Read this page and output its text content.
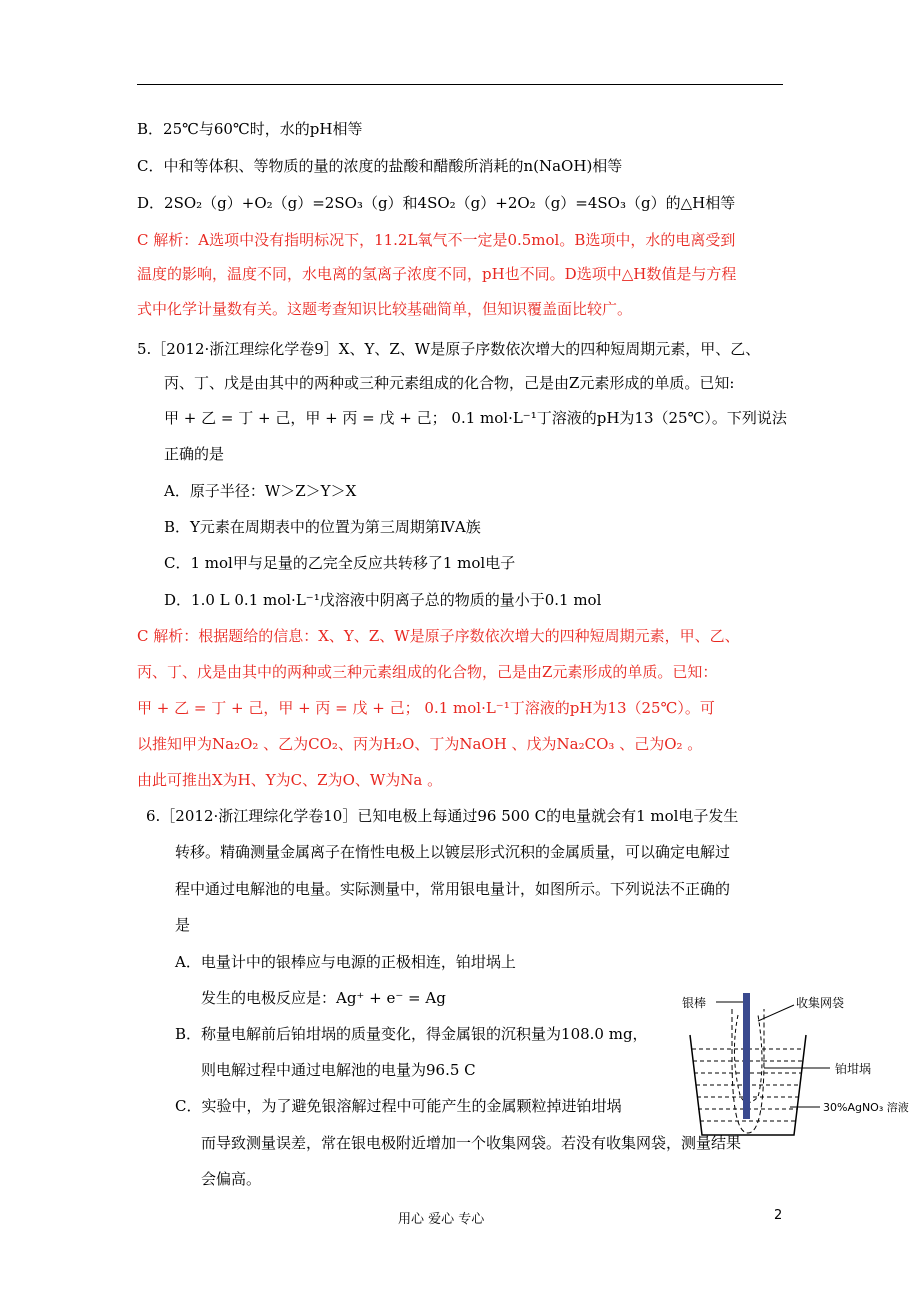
B．25℃与60℃时，水的pH相等
C．中和等体积、等物质的量的浓度的盐酸和醋酸所消耗的n(NaOH)相等
D．2SO₂（g）+O₂（g）=2SO₃（g）和4SO₂（g）+2O₂（g）=4SO₃（g）的△H相等
C 解析：A选项中没有指明标况下，11.2L氧气不一定是0.5mol。B选项中，水的电离受到
温度的影响，温度不同，水电离的氢离子浓度不同，pH也不同。D选项中△H数值是与方程
式中化学计量数有关。这题考查知识比较基础简单，但知识覆盖面比较广。
5.［2012·浙江理综化学卷9］X、Y、Z、W是原子序数依次增大的四种短周期元素，甲、乙、
丙、丁、戊是由其中的两种或三种元素组成的化合物，己是由Z元素形成的单质。已知:
甲 + 乙 = 丁 + 己，甲 + 丙 = 戊 + 己； 0.1 mol·L⁻¹丁溶液的pH为13（25℃）。下列说法
正确的是
A．原子半径：W＞Z＞Y＞X
B．Y元素在周期表中的位置为第三周期第ⅣA族
C．1 mol甲与足量的乙完全反应共转移了1 mol电子
D．1.0 L 0.1 mol·L⁻¹戊溶液中阴离子总的物质的量小于0.1 mol
C 解析：根据题给的信息：X、Y、Z、W是原子序数依次增大的四种短周期元素，甲、乙、
丙、丁、戊是由其中的两种或三种元素组成的化合物，己是由Z元素形成的单质。已知：
甲 + 乙 = 丁 + 己，甲 + 丙 = 戊 + 己； 0.1 mol·L⁻¹丁溶液的pH为13（25℃）。可
以推知甲为Na₂O₂ 、乙为CO₂、丙为H₂O、丁为NaOH 、戊为Na₂CO₃ 、己为O₂ 。
由此可推出X为H、Y为C、Z为O、W为Na 。
6.［2012·浙江理综化学卷10］已知电极上每通过96 500 C的电量就会有1 mol电子发生
转移。精确测量金属离子在惰性电极上以镀层形式沉积的金属质量，可以确定电解过
程中通过电解池的电量。实际测量中，常用银电量计，如图所示。下列说法不正确的
是
A．电量计中的银棒应与电源的正极相连，铂坩埚上
发生的电极反应是：Ag⁺ + e⁻ = Ag
B．称量电解前后铂坩埚的质量变化，得金属银的沉积量为108.0 mg，
则电解过程中通过电解池的电量为96.5 C
C．实验中，为了避免银溶解过程中可能产生的金属颗粒掉进铂坩埚
而导致测量误差，常在银电极附近增加一个收集网袋。若没有收集网袋，测量结果
会偏高。
银棒	收集网袋
铂坩埚
30%AgNO₃ 溶液
用心 爱心 专心	2
